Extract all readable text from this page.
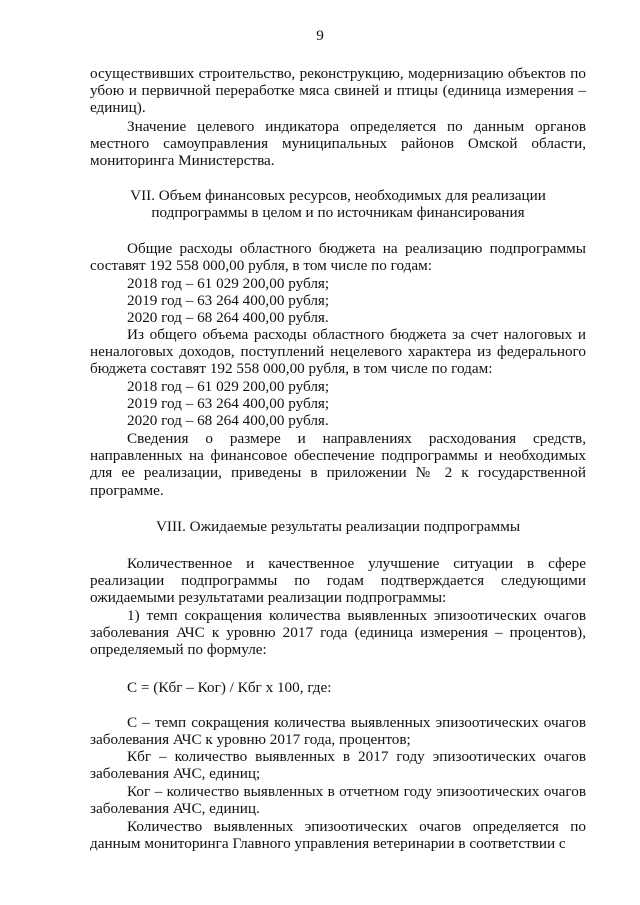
9

осуществивших строительство, реконструкцию, модернизацию объектов по убою и первичной переработке мяса свиней и птицы (единица измерения – единиц).

Значение целевого индикатора определяется по данным органов местного самоуправления муниципальных районов Омской области, мониторинга Министерства.

VII. Объем финансовых ресурсов, необходимых для реализации
подпрограммы в целом и по источникам финансирования

Общие расходы областного бюджета на реализацию подпрограммы составят 192 558 000,00 рубля, в том числе по годам:

2018 год – 61 029 200,00 рубля;
2019 год – 63 264 400,00 рубля;
2020 год – 68 264 400,00 рубля.

Из общего объема расходы областного бюджета за счет налоговых и неналоговых доходов, поступлений нецелевого характера из федерального бюджета составят 192 558 000,00 рубля, в том числе по годам:

2018 год – 61 029 200,00 рубля;
2019 год – 63 264 400,00 рубля;
2020 год – 68 264 400,00 рубля.

Сведения о размере и направлениях расходования средств, направленных на финансовое обеспечение подпрограммы и необходимых для ее реализации, приведены в приложении № 2 к государственной программе.

VIII. Ожидаемые результаты реализации подпрограммы

Количественное и качественное улучшение ситуации в сфере реализации подпрограммы по годам подтверждается следующими ожидаемыми результатами реализации подпрограммы:

1) темп сокращения количества выявленных эпизоотических очагов заболевания АЧС к уровню 2017 года (единица измерения – процентов), определяемый по формуле:

С = (Кбг – Ког) / Кбг х 100, где:

С – темп сокращения количества выявленных эпизоотических очагов заболевания АЧС к уровню 2017 года, процентов;

Кбг – количество выявленных в 2017 году эпизоотических очагов заболевания АЧС, единиц;

Ког – количество выявленных в отчетном году эпизоотических очагов заболевания АЧС, единиц.

Количество выявленных эпизоотических очагов определяется по данным мониторинга Главного управления ветеринарии в соответствии с
